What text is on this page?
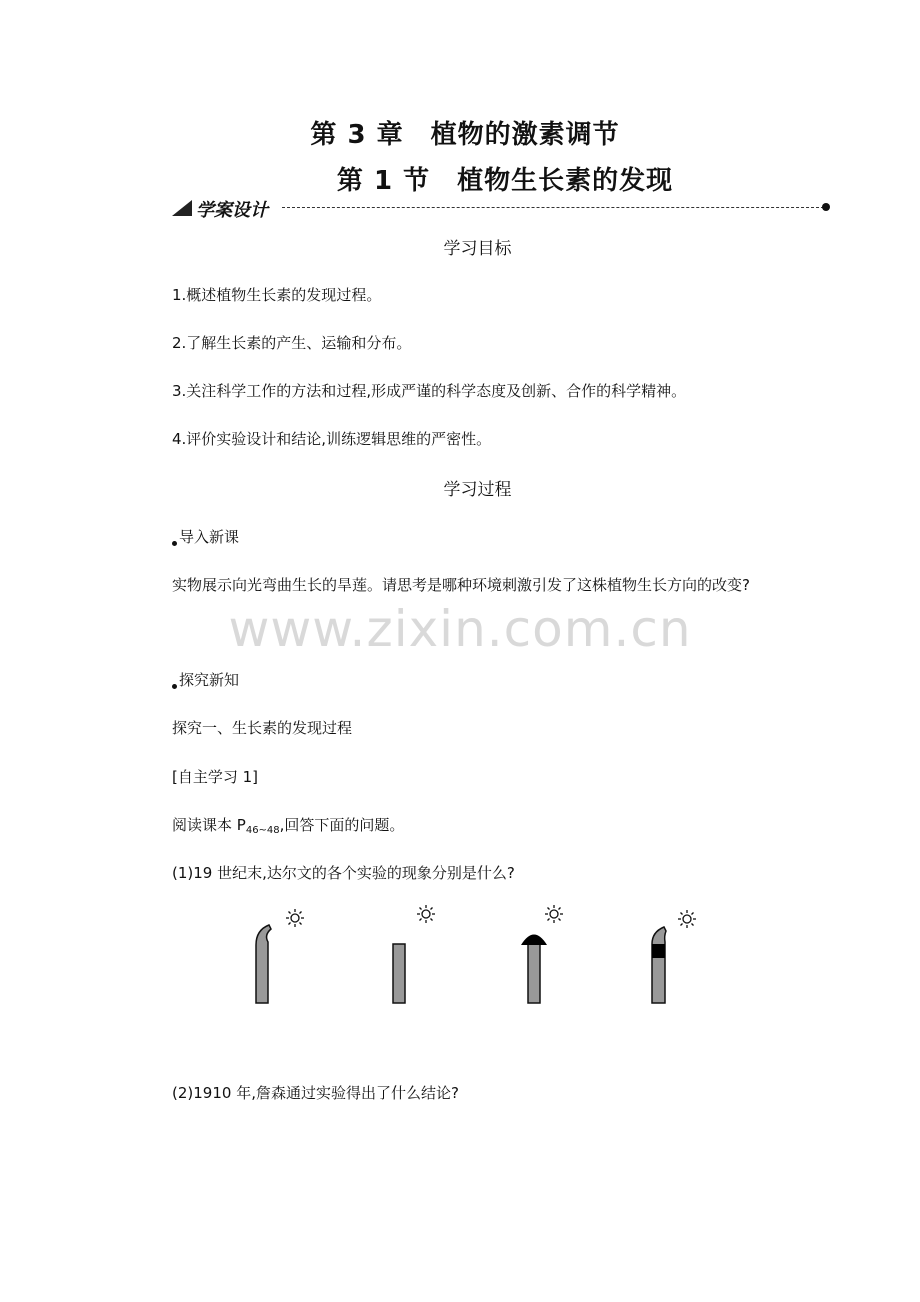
第 3 章　植物的激素调节
第 1 节　植物生长素的发现
学案设计
学习目标
1.概述植物生长素的发现过程。
2.了解生长素的产生、运输和分布。
3.关注科学工作的方法和过程,形成严谨的科学态度及创新、合作的科学精神。
4.评价实验设计和结论,训练逻辑思维的严密性。
学习过程
导入新课
实物展示向光弯曲生长的旱莲。请思考是哪种环境刺激引发了这株植物生长方向的改变?
www.zixin.com.cn
探究新知
探究一、生长素的发现过程
[自主学习 1]
阅读课本 $P_{46\sim 48}$,回答下面的问题。
(1)19 世纪末,达尔文的各个实验的现象分别是什么?
(2)1910 年,詹森通过实验得出了什么结论?
